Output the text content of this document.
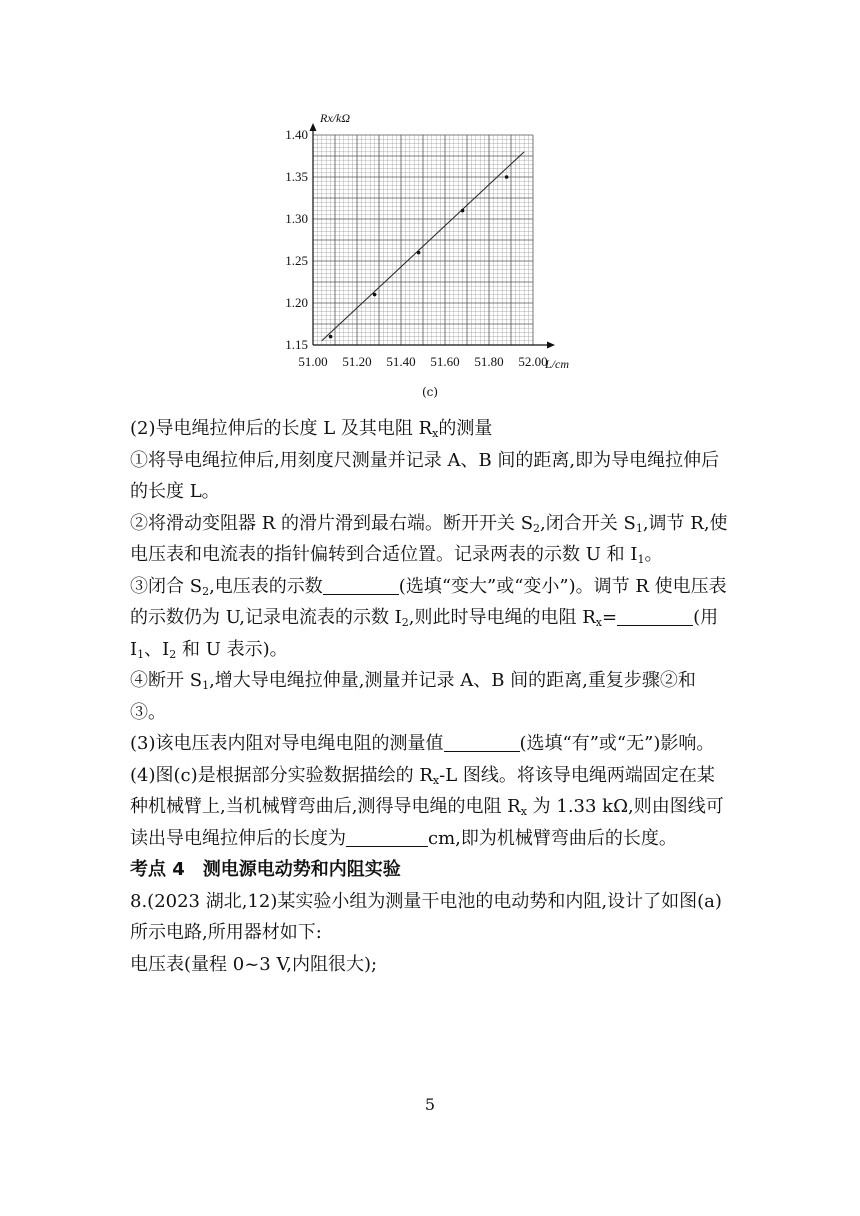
1.15
1.20
1.25
1.30
1.35
1.40
51.00 51.20 51.40 51.60 51.80 52.00
Rx/kΩ
L/cm
(c)

(2)导电绳拉伸后的长度 L 及其电阻 $R_x$的测量

①将导电绳拉伸后,用刻度尺测量并记录 A、B 间的距离,即为导电绳拉伸后的长度 L。

②将滑动变阻器 R 的滑片滑到最右端。断开开关 $S_2$,闭合开关 $S_1$,调节 R,使电压表和电流表的指针偏转到合适位置。记录两表的示数 U 和 $I_1$。

③闭合 $S_2$,电压表的示数	(选填“变大”或“变小”)。调节 R 使电压表的示数仍为 U,记录电流表的示数 $I_2$,则此时导电绳的电阻 $R_x=$	(用 $I_1$、$I_2$ 和 U 表示)。

④断开 $S_1$,增大导电绳拉伸量,测量并记录 A、B 间的距离,重复步骤②和③。

(3)该电压表内阻对导电绳电阻的测量值	(选填“有”或“无”)影响。

(4)图(c)是根据部分实验数据描绘的 $R_x-L$ 图线。将该导电绳两端固定在某种机械臂上,当机械臂弯曲后,测得导电绳的电阻 $R_x$ 为 1.33 kΩ,则由图线可读出导电绳拉伸后的长度为	cm,即为机械臂弯曲后的长度。

考点 4　测电源电动势和内阻实验

8.(2023 湖北,12)某实验小组为测量干电池的电动势和内阻,设计了如图(a)所示电路,所用器材如下:

电压表(量程 0~3 V,内阻很大);

5
